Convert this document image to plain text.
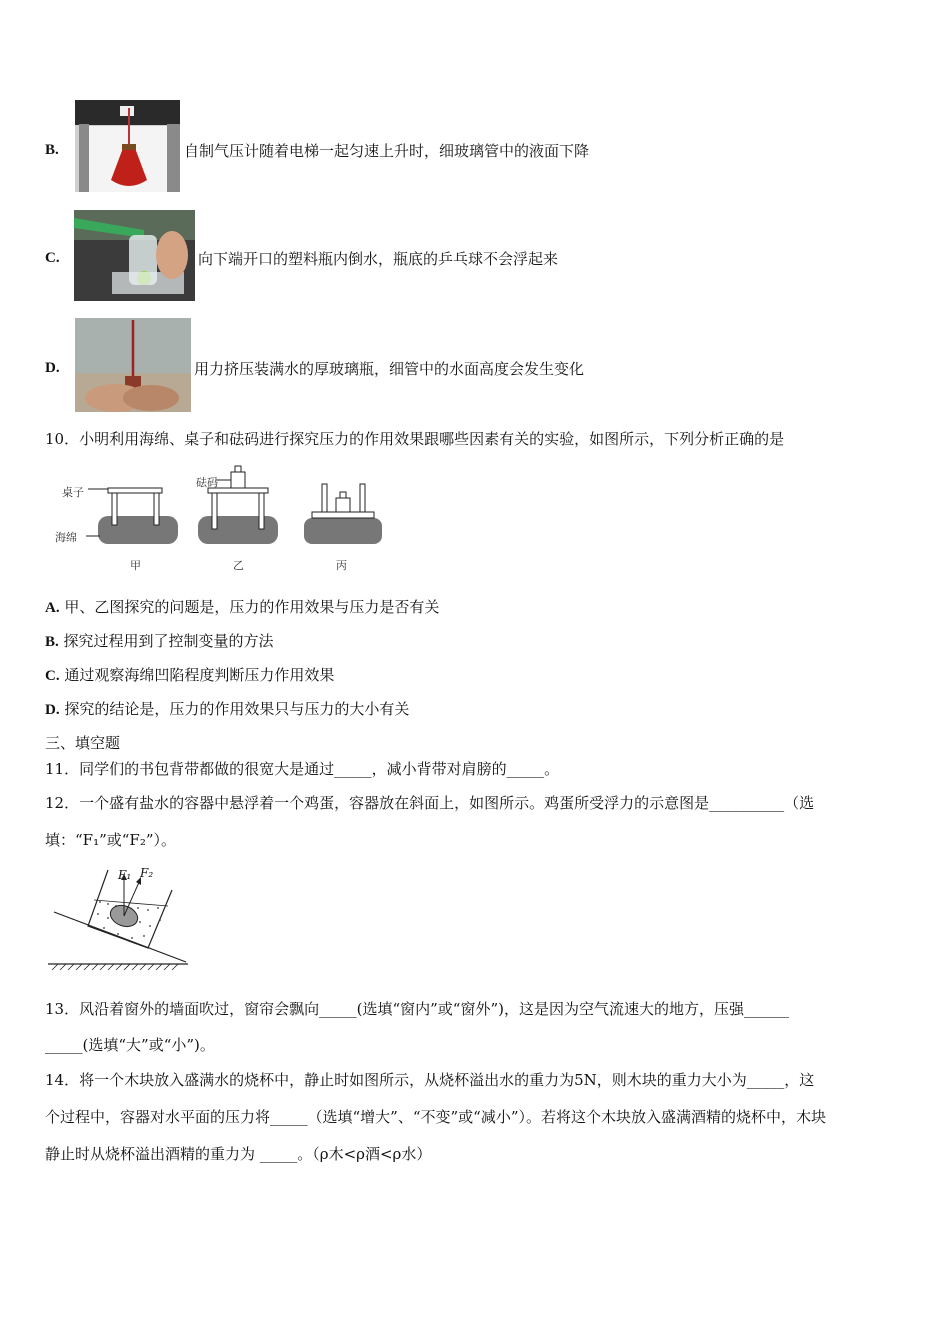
B.	自制气压计随着电梯一起匀速上升时，细玻璃管中的液面下降
C.	向下端开口的塑料瓶内倒水，瓶底的乒乓球不会浮起来
D.	用力挤压装满水的厚玻璃瓶，细管中的水面高度会发生变化
10．小明利用海绵、桌子和砝码进行探究压力的作用效果跟哪些因素有关的实验，如图所示，下列分析正确的是
桌子
砝码
海绵
甲	乙	丙
A. 甲、乙图探究的问题是，压力的作用效果与压力是否有关
B. 探究过程用到了控制变量的方法
C. 通过观察海绵凹陷程度判断压力作用效果
D. 探究的结论是，压力的作用效果只与压力的大小有关
三、填空题
11．同学们的书包背带都做的很宽大是通过_____，减小背带对肩膀的_____。
12．一个盛有盐水的容器中悬浮着一个鸡蛋，容器放在斜面上，如图所示。鸡蛋所受浮力的示意图是__________（选
填：“F₁”或“F₂”）。
F₁ F₂
13．风沿着窗外的墙面吹过，窗帘会飘向_____(选填“窗内”或“窗外”)，这是因为空气流速大的地方，压强______
_____(选填“大”或“小”)。
14．将一个木块放入盛满水的烧杯中，静止时如图所示，从烧杯溢出水的重力为5N，则木块的重力大小为_____，这
个过程中，容器对水平面的压力将_____（选填“增大”、“不变”或“减小”）。若将这个木块放入盛满酒精的烧杯中，木块
静止时从烧杯溢出酒精的重力为 _____。（ρ木<ρ酒<ρ水）
